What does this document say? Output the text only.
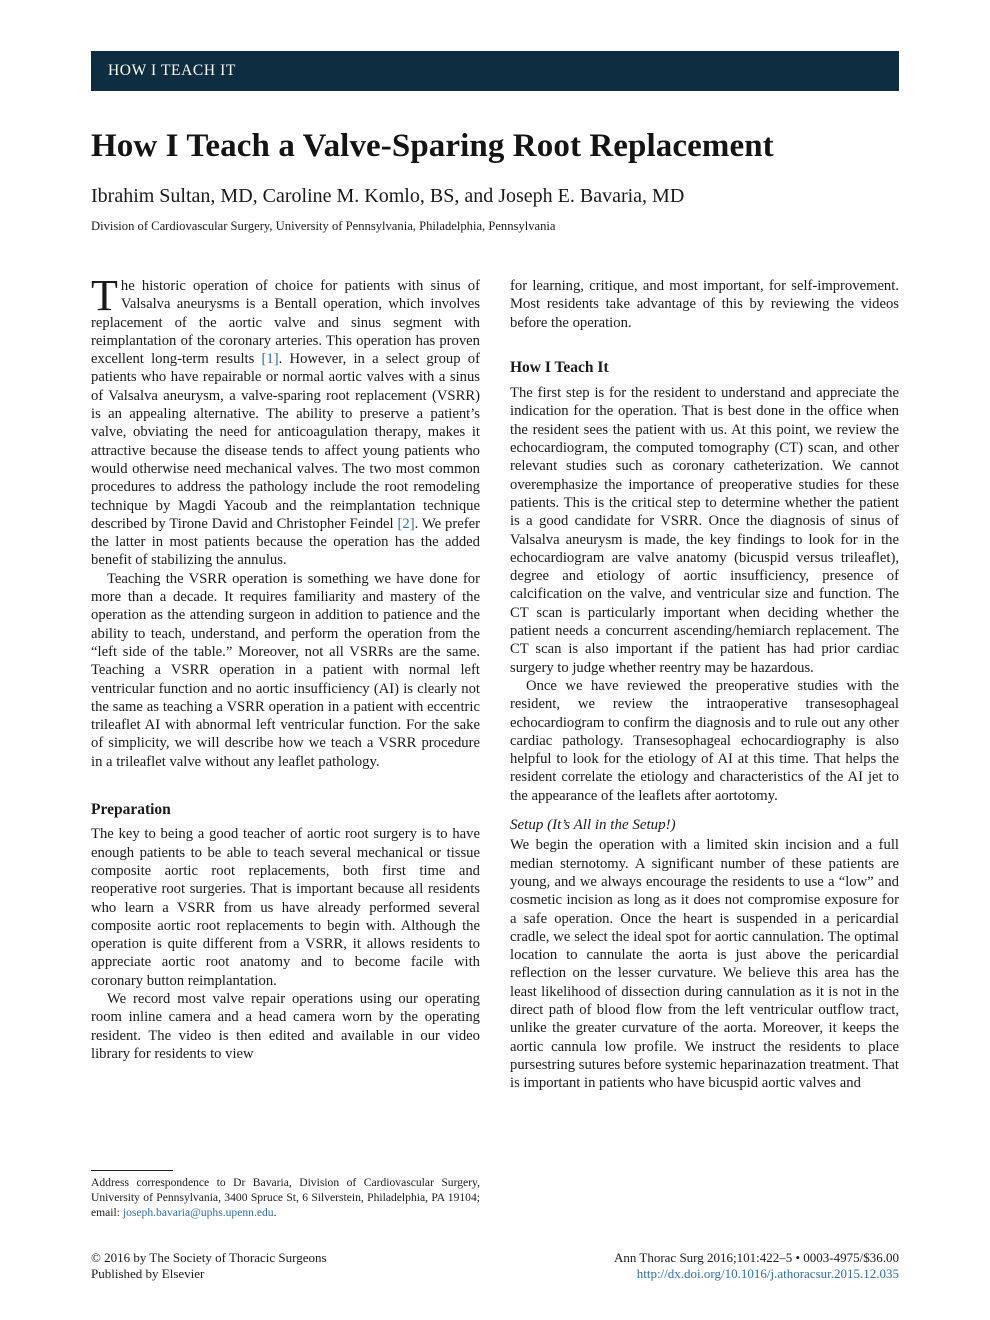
HOW I TEACH IT
How I Teach a Valve-Sparing Root Replacement
Ibrahim Sultan, MD, Caroline M. Komlo, BS, and Joseph E. Bavaria, MD
Division of Cardiovascular Surgery, University of Pennsylvania, Philadelphia, Pennsylvania

The historic operation of choice for patients with sinus of Valsalva aneurysms is a Bentall operation, which involves replacement of the aortic valve and sinus segment with reimplantation of the coronary arteries. This operation has proven excellent long-term results [1]. However, in a select group of patients who have repairable or normal aortic valves with a sinus of Valsalva aneurysm, a valve-sparing root replacement (VSRR) is an appealing alternative. The ability to preserve a patient’s valve, obviating the need for anticoagulation therapy, makes it attractive because the disease tends to affect young patients who would otherwise need mechanical valves. The two most common procedures to address the pathology include the root remodeling technique by Magdi Yacoub and the reimplantation technique described by Tirone David and Christopher Feindel [2]. We prefer the latter in most patients because the operation has the added benefit of stabilizing the annulus.

Teaching the VSRR operation is something we have done for more than a decade. It requires familiarity and mastery of the operation as the attending surgeon in addition to patience and the ability to teach, understand, and perform the operation from the “left side of the table.” Moreover, not all VSRRs are the same. Teaching a VSRR operation in a patient with normal left ventricular function and no aortic insufficiency (AI) is clearly not the same as teaching a VSRR operation in a patient with eccentric trileaflet AI with abnormal left ventricular function. For the sake of simplicity, we will describe how we teach a VSRR procedure in a trileaflet valve without any leaflet pathology.

Preparation

The key to being a good teacher of aortic root surgery is to have enough patients to be able to teach several mechanical or tissue composite aortic root replacements, both first time and reoperative root surgeries. That is important because all residents who learn a VSRR from us have already performed several composite aortic root replacements to begin with. Although the operation is quite different from a VSRR, it allows residents to appreciate aortic root anatomy and to become facile with coronary button reimplantation.

We record most valve repair operations using our operating room inline camera and a head camera worn by the operating resident. The video is then edited and available in our video library for residents to view

for learning, critique, and most important, for self-improvement. Most residents take advantage of this by reviewing the videos before the operation.

How I Teach It

The first step is for the resident to understand and appreciate the indication for the operation. That is best done in the office when the resident sees the patient with us. At this point, we review the echocardiogram, the computed tomography (CT) scan, and other relevant studies such as coronary catheterization. We cannot overemphasize the importance of preoperative studies for these patients. This is the critical step to determine whether the patient is a good candidate for VSRR. Once the diagnosis of sinus of Valsalva aneurysm is made, the key findings to look for in the echocardiogram are valve anatomy (bicuspid versus trileaflet), degree and etiology of aortic insufficiency, presence of calcification on the valve, and ventricular size and function. The CT scan is particularly important when deciding whether the patient needs a concurrent ascending/hemiarch replacement. The CT scan is also important if the patient has had prior cardiac surgery to judge whether reentry may be hazardous.

Once we have reviewed the preoperative studies with the resident, we review the intraoperative transesophageal echocardiogram to confirm the diagnosis and to rule out any other cardiac pathology. Transesophageal echocardiography is also helpful to look for the etiology of AI at this time. That helps the resident correlate the etiology and characteristics of the AI jet to the appearance of the leaflets after aortotomy.

Setup (It’s All in the Setup!)

We begin the operation with a limited skin incision and a full median sternotomy. A significant number of these patients are young, and we always encourage the residents to use a “low” and cosmetic incision as long as it does not compromise exposure for a safe operation. Once the heart is suspended in a pericardial cradle, we select the ideal spot for aortic cannulation. The optimal location to cannulate the aorta is just above the pericardial reflection on the lesser curvature. We believe this area has the least likelihood of dissection during cannulation as it is not in the direct path of blood flow from the left ventricular outflow tract, unlike the greater curvature of the aorta. Moreover, it keeps the aortic cannula low profile. We instruct the residents to place pursestring sutures before systemic heparinazation treatment. That is important in patients who have bicuspid aortic valves and

Address correspondence to Dr Bavaria, Division of Cardiovascular Surgery, University of Pennsylvania, 3400 Spruce St, 6 Silverstein, Philadelphia, PA 19104; email: joseph.bavaria@uphs.upenn.edu.

© 2016 by The Society of Thoracic Surgeons
Published by Elsevier
Ann Thorac Surg 2016;101:422–5 • 0003-4975/$36.00
http://dx.doi.org/10.1016/j.athoracsur.2015.12.035
